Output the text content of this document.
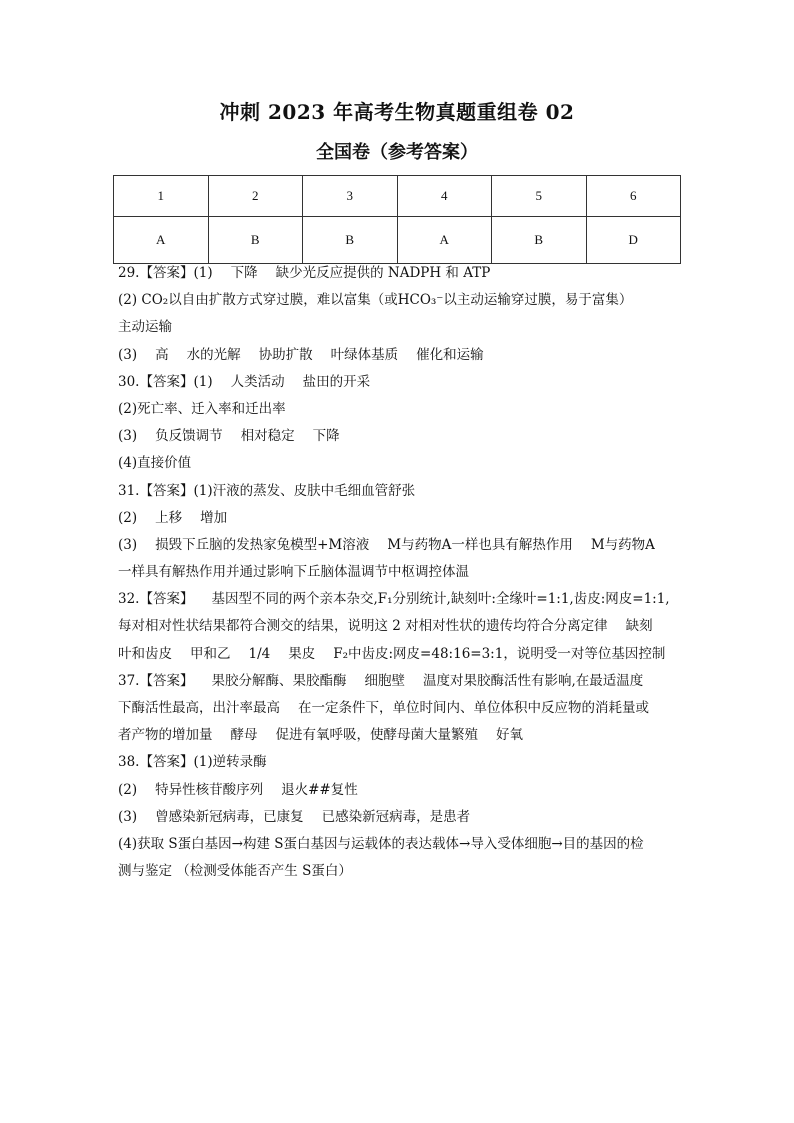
冲刺 2023 年高考生物真题重组卷 02
全国卷（参考答案）
1	2	3	4	5	6
A	B	B	A	B	D
29.【答案】(1) 下降 缺少光反应提供的 NADPH 和 ATP
(2) CO₂以自由扩散方式穿过膜，难以富集（或HCO₃⁻以主动运输穿过膜，易于富集）
主动运输
(3) 高 水的光解 协助扩散 叶绿体基质 催化和运输
30.【答案】(1) 人类活动 盐田的开采
(2)死亡率、迁入率和迁出率
(3) 负反馈调节 相对稳定 下降
(4)直接价值
31.【答案】(1)汗液的蒸发、皮肤中毛细血管舒张
(2) 上移 增加
(3) 损毁下丘脑的发热家兔模型+M溶液 M与药物A一样也具有解热作用 M与药物A
一样具有解热作用并通过影响下丘脑体温调节中枢调控体温
32.【答案】 基因型不同的两个亲本杂交,F₁分别统计,缺刻叶:全缘叶=1:1,齿皮:网皮=1:1,
每对相对性状结果都符合测交的结果，说明这 2 对相对性状的遗传均符合分离定律 缺刻
叶和齿皮 甲和乙 1/4 果皮 F₂中齿皮:网皮=48:16=3:1，说明受一对等位基因控制
37.【答案】 果胶分解酶、果胶酯酶 细胞壁 温度对果胶酶活性有影响,在最适温度
下酶活性最高，出汁率最高 在一定条件下，单位时间内、单位体积中反应物的消耗量或
者产物的增加量 酵母 促进有氧呼吸，使酵母菌大量繁殖 好氧
38.【答案】(1)逆转录酶
(2) 特异性核苷酸序列 退火##复性
(3) 曾感染新冠病毒，已康复 已感染新冠病毒，是患者
(4)获取 S蛋白基因→构建 S蛋白基因与运载体的表达载体→导入受体细胞→目的基因的检
测与鉴定 （检测受体能否产生 S蛋白）
